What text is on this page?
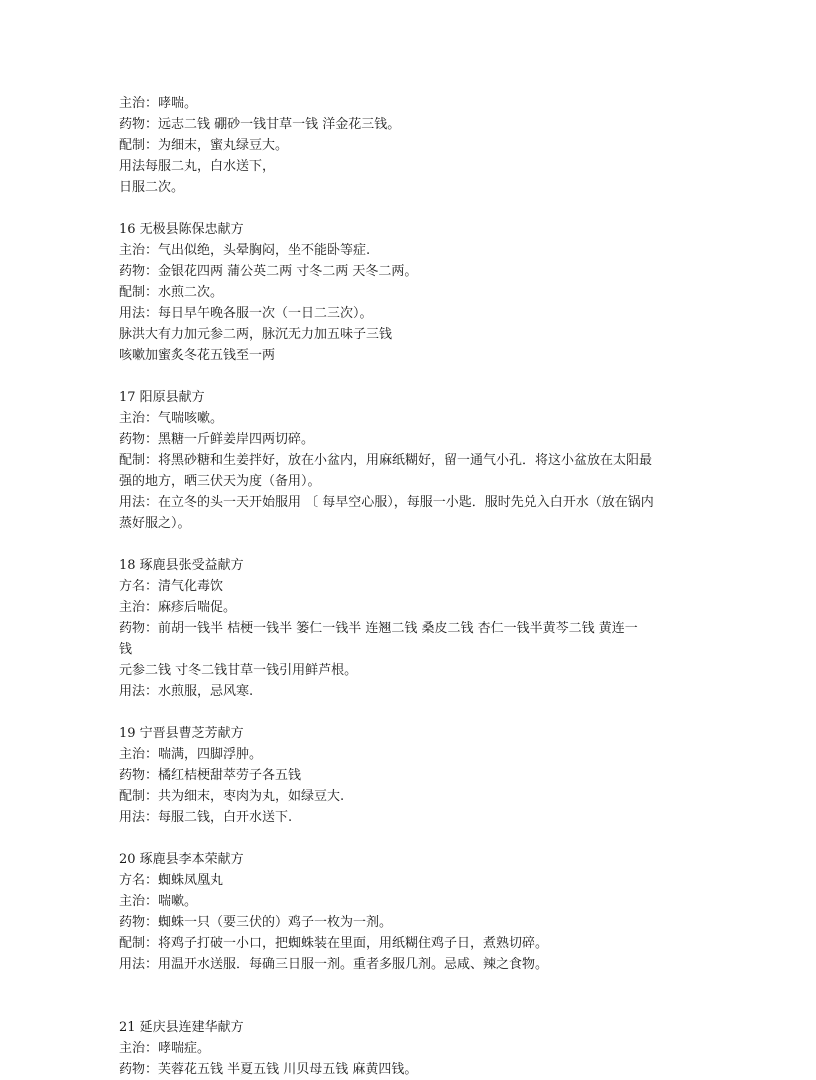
主治：哮喘。
药物：远志二钱 硼砂一钱甘草一钱 洋金花三钱。
配制：为细末，蜜丸绿豆大。
用法每服二丸，白水送下，
日服二次。
16 无极县陈保忠献方
主治：气出似绝，头晕胸闷，坐不能卧等症.
药物：金银花四两 蒲公英二两 寸冬二两 天冬二两。
配制：水煎二次。
用法：每日早午晚各服一次（一日二三次）。
脉洪大有力加元参二两，脉沉无力加五味子三钱
咳嗽加蜜炙冬花五钱至一两
17 阳原县献方
主治：气喘咳嗽。
药物：黑糖一斤鲜姜岸四两切碎。
配制：将黑砂糖和生姜拌好，放在小盆内，用麻纸糊好，留一通气小孔．将这小盆放在太阳最
强的地方，晒三伏天为度（备用）。
用法：在立冬的头一天开始服用 〔 每早空心服），每服一小匙．服时先兑入白开水（放在锅内
蒸好服之）。
18 琢鹿县张受益献方
方名：清气化毒饮
主治：麻疹后喘促。
药物：前胡一钱半 桔梗一钱半 篓仁一钱半 连翘二钱 桑皮二钱 杏仁一钱半黄芩二钱 黄连一
钱
元参二钱 寸冬二钱甘草一钱引用鲜芦根。
用法：水煎服，忌风寒.
19 宁晋县曹芝芳献方
主治：喘满，四脚浮肿。
药物：橘红桔梗甜萃劳子各五钱
配制：共为细末，枣肉为丸，如绿豆大.
用法：每服二钱，白开水送下.
20 琢鹿县李本荣献方
方名：蜘蛛凤凰丸
主治：喘嗽。
药物：蜘蛛一只（要三伏的）鸡子一枚为一剂。
配制：将鸡子打破一小口，把蜘蛛装在里面，用纸糊住鸡子日，煮熟切碎。
用法：用温开水送服．每确三日服一剂。重者多服几剂。忌咸、辣之食物。
21 延庆县连建华献方
主治：哮喘症。
药物：芙蓉花五钱 半夏五钱 川贝母五钱 麻黄四钱。
